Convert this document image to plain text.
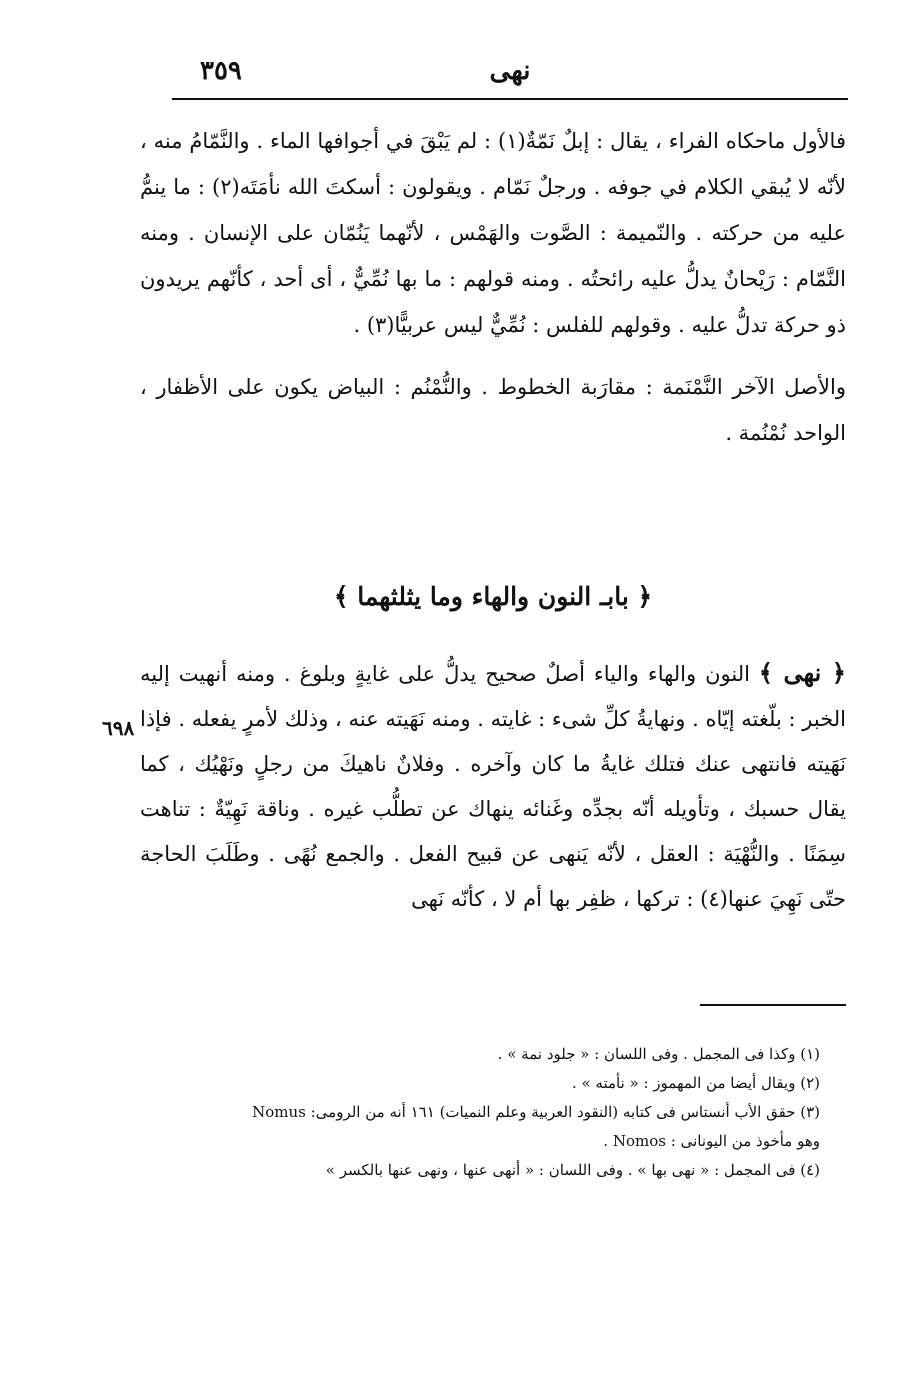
٣٥٩	نهى

فالأول ماحكاه الفراء ، يقال : إبلٌ نَمّةٌ(١) : لم يَبْقَ في أجوافها الماء . والنَّمّامُ منه ، لأنّه لا يُبقي الكلام في جوفه . ورجلٌ نَمّام . ويقولون : أسكتَ الله نأمَتَه(٢) : ما ينمُّ عليه من حركته . والنّميمة : الصَّوت والهَمْس ، لأنّهما يَنُمّان على الإنسان . ومنه النَّمّام : رَيْحانٌ يدلُّ عليه رائحتُه . ومنه قولهم : ما بها نُمِّيٌّ ، أى أحد ، كأنّهم يريدون ذو حركة تدلُّ عليه . وقولهم للفلس : نُمِّيٌّ ليس عربيًّا(٣) .

والأصل الآخر النَّمْنَمة : مقارَبة الخطوط . والنُّمْنُم : البياض يكون على الأظفار ، الواحد نُمْنُمة .

﴿ بابـ النون والهاء وما يثلثهما ﴾
﴿ نهى ﴾ النون والهاء والياء أصلٌ صحيح يدلُّ على غايةٍ وبلوغ . ومنه أنهيت إليه الخبر : بلّغته إيّاه . ونهايةُ كلِّ شىء : غايته . ومنه نَهَيته عنه ، وذلك لأمرٍ يفعله . فإذا نَهَيته فانتهى عنك فتلك غايةُ ما كان وآخره . وفلانٌ ناهيكَ من رجلٍ ونَهْيُك ، كما يقال حسبك ، وتأويله أنّه بجدِّه وغَنائه ينهاك عن تطلُّب غيره . وناقة نَهِيّةٌ : تناهت سِمَنًا . والنُّهْيَة : العقل ، لأنّه يَنهى عن قبيح الفعل . والجمع نُهًى . وطَلَبَ الحاجة حتّى نَهِيَ عنها(٤) : تركها ، ظفِر بها أم لا ، كأنّه نَهى
٦٩٨
(١) وكذا فى المجمل . وفى اللسان : « جلود نمة » .
(٢) ويقال أيضا من المهموز : « نأمته » .
(٣) حقق الأب أنستاس فى كتابه (النقود العربية وعلم النميات) ١٦١ أنه من الرومى: Nomus
وهو مأخوذ من اليونانى : Nomos .
(٤) فى المجمل : « نهى بها » . وفى اللسان : « أنهى عنها ، ونهى عنها بالكسر »
